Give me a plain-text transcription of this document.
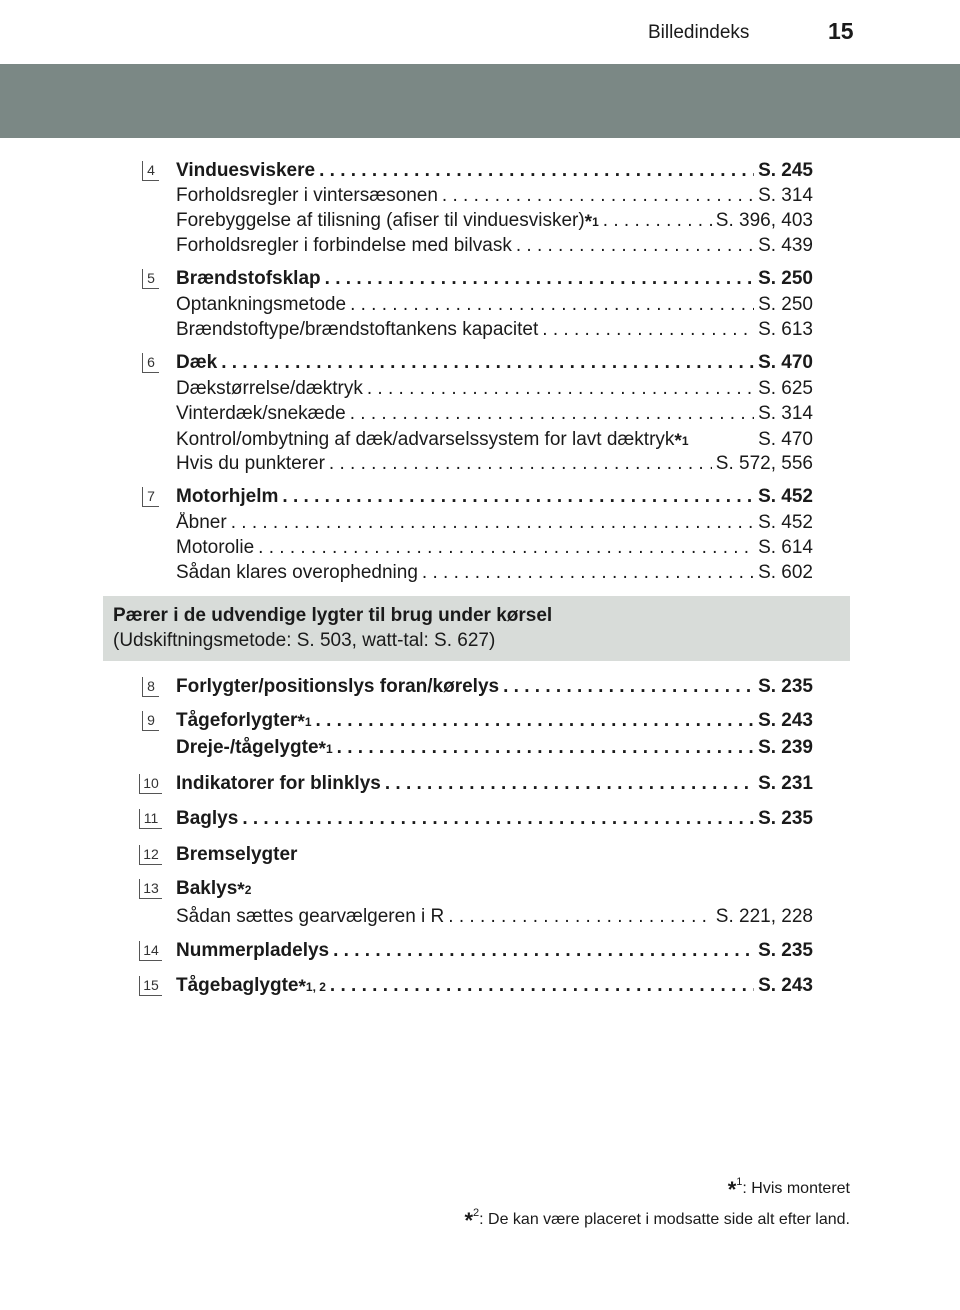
Billedindeks	15
4 Vinduesviskere . . .	S. 245
Forholdsregler i vintersæsonen . . .	S. 314
Forebyggelse af tilisning (afiser til vinduesvisker) *1 . . .	S. 396, 403
Forholdsregler i forbindelse med bilvask . . .	S. 439
5 Brændstofsklap . . .	S. 250
Optankningsmetode . . .	S. 250
Brændstoftype/brændstoftankens kapacitet . . .	S. 613
6 Dæk . . .	S. 470
Dækstørrelse/dæktryk . . .	S. 625
Vinterdæk/snekæde . . .	S. 314
Kontrol/ombytning af dæk/advarselssystem for lavt dæktryk *1	S. 470
Hvis du punkterer . . .	S. 572, 556
7 Motorhjelm . . .	S. 452
Åbner . . .	S. 452
Motorolie . . .	S. 614
Sådan klares overophedning . . .	S. 602
Pærer i de udvendige lygter til brug under kørsel
(Udskiftningsmetode: S. 503, watt-tal: S. 627)
8 Forlygter/positionslys foran/kørelys . . .	S. 235
9 Tågeforlygter *1 . . .	S. 243
Dreje-/tågelygte *1 . . .	S. 239
10 Indikatorer for blinklys . . .	S. 231
11 Baglys . . .	S. 235
12 Bremselygter
13 Baklys *2
Sådan sættes gearvælgeren i R . . .	S. 221, 228
14 Nummerpladelys . . .	S. 235
15 Tågebaglygte *1, 2 . . .	S. 243
*$^1$: Hvis monteret
*$^2$: De kan være placeret i modsatte side alt efter land.
